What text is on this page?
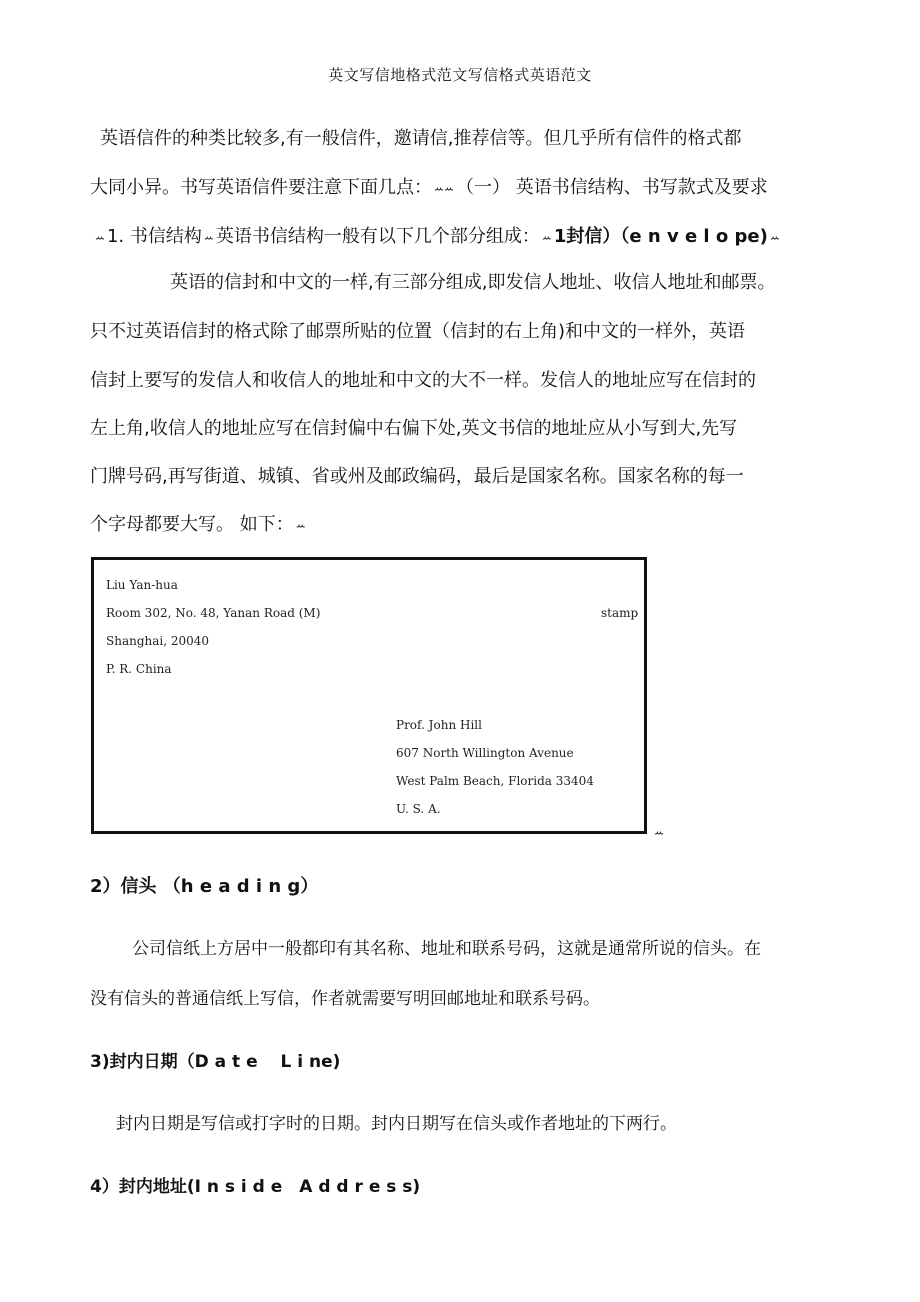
英文写信地格式范文写信格式英语范文
英语信件的种类比较多,有一般信件，邀请信,推荐信等。但几乎所有信件的格式都
大同小异。书写英语信件要注意下面几点： ꕀꕀ （一） 英语书信结构、书写款式及要求
ꕀ 1. 书信结构 ꕀ 英语书信结构一般有以下几个部分组成： ꕀ 1封信）（e n v e l o pe) ꕀ
英语的信封和中文的一样,有三部分组成,即发信人地址、收信人地址和邮票。
只不过英语信封的格式除了邮票所贴的位置（信封的右上角)和中文的一样外，英语
信封上要写的发信人和收信人的地址和中文的大不一样。发信人的地址应写在信封的
左上角,收信人的地址应写在信封偏中右偏下处,英文书信的地址应从小写到大,先写
门牌号码,再写街道、城镇、省或州及邮政编码，最后是国家名称。国家名称的每一
个字母都要大写。 如下： ꕀ
Liu Yan-hua
Room 302, No. 48, Yanan Road (M)
Shanghai, 20040
P. R. China
stamp
Prof. John Hill
607 North Willington Avenue
West Palm Beach, Florida 33404
U. S. A.
ꕀ
2）信头 （h e a d i n g）
公司信纸上方居中一般都印有其名称、地址和联系号码，这就是通常所说的信头。在
没有信头的普通信纸上写信，作者就需要写明回邮地址和联系号码。
3)封内日期（D a t e　 L i ne)
封内日期是写信或打字时的日期。封内日期写在信头或作者地址的下两行。
4）封内地址(I n s i d e　A d d r e s s)
